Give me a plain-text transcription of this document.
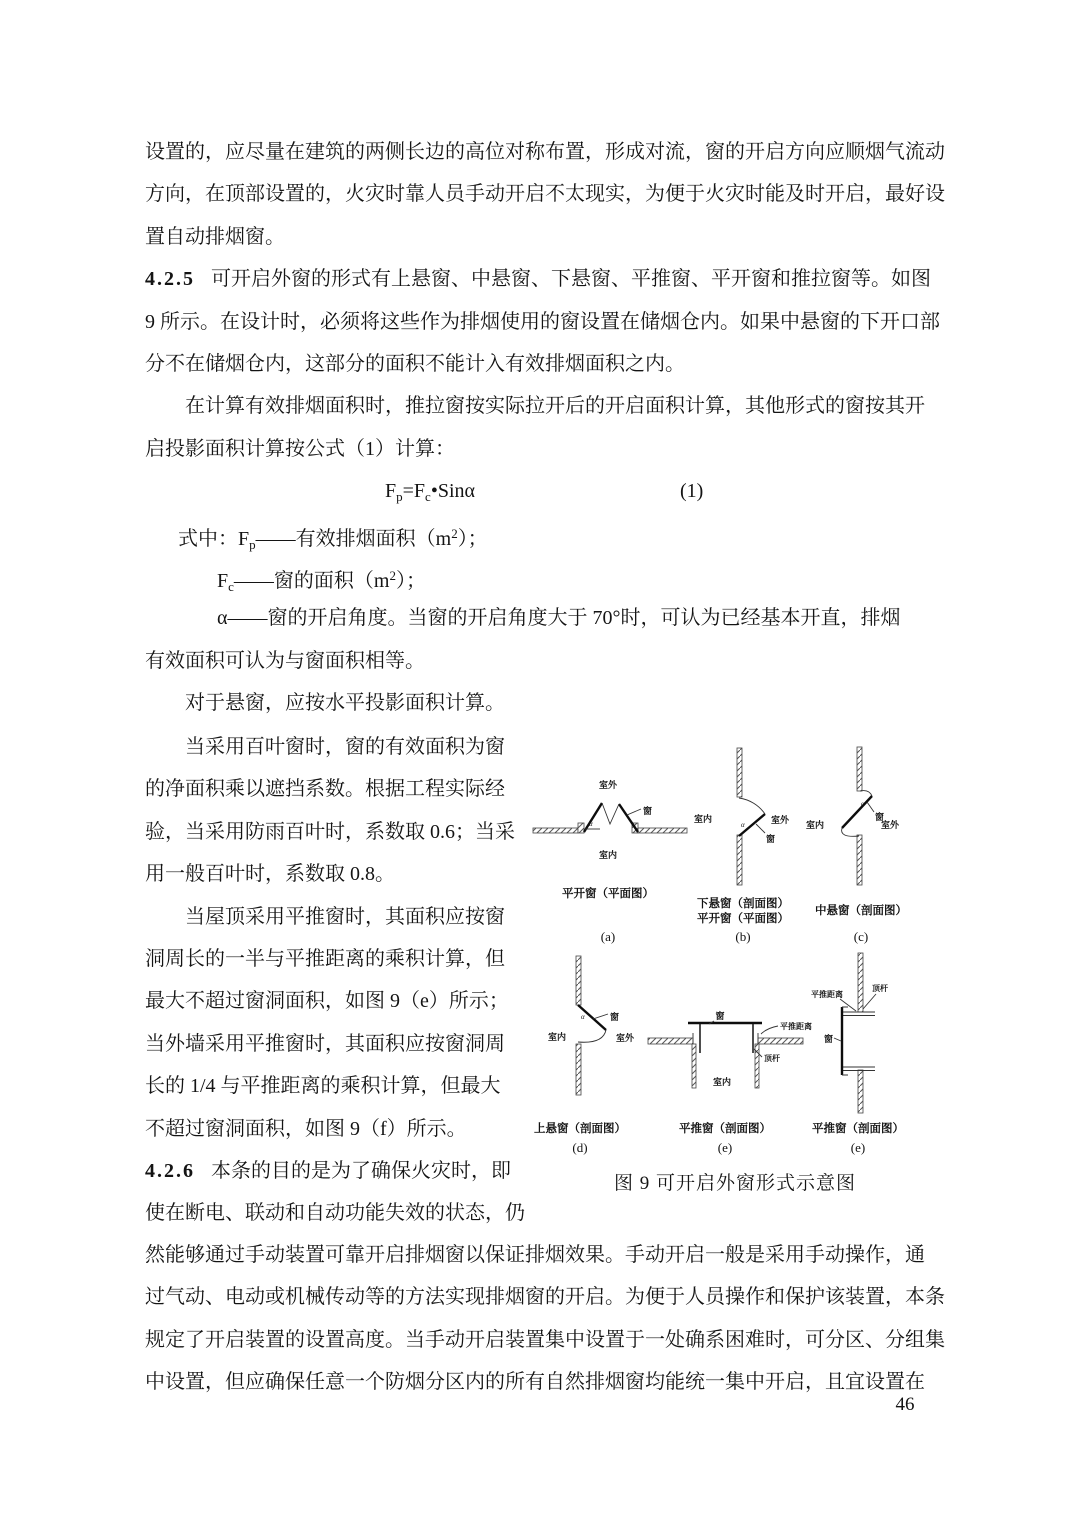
设置的，应尽量在建筑的两侧长边的高位对称布置，形成对流，窗的开启方向应顺烟气流动
方向，在顶部设置的，火灾时靠人员手动开启不太现实，为便于火灾时能及时开启，最好设
置自动排烟窗。
4.2.5 可开启外窗的形式有上悬窗、中悬窗、下悬窗、平推窗、平开窗和推拉窗等。如图
9 所示。在设计时，必须将这些作为排烟使用的窗设置在储烟仓内。如果中悬窗的下开口部
分不在储烟仓内，这部分的面积不能计入有效排烟面积之内。
在计算有效排烟面积时，推拉窗按实际拉开后的开启面积计算，其他形式的窗按其开
启投影面积计算按公式（1）计算：
$F_p=F_c•Sin\alpha$	(1)
式中：$F_p——$有效排烟面积$(m^2)$；
$F_c——$窗的面积$(m^2)$；
α——窗的开启角度。当窗的开启角度大于 70°时，可认为已经基本开直，排烟
有效面积可认为与窗面积相等。
对于悬窗，应按水平投影面积计算。
当采用百叶窗时，窗的有效面积为窗
的净面积乘以遮挡系数。根据工程实际经
验，当采用防雨百叶时，系数取 0.6；当采
用一般百叶时，系数取 0.8。
当屋顶采用平推窗时，其面积应按窗
洞周长的一半与平推距离的乘积计算，但
最大不超过窗洞面积，如图 9（e）所示；
当外墙采用平推窗时，其面积应按窗洞周
长的 1/4 与平推距离的乘积计算，但最大
不超过窗洞面积，如图 9（f）所示。
4.2.6 本条的目的是为了确保火灾时，即
使在断电、联动和自动功能失效的状态，仍
然能够通过手动装置可靠开启排烟窗以保证排烟效果。手动开启一般是采用手动操作，通
过气动、电动或机械传动等的方法实现排烟窗的开启。为便于人员操作和保护该装置，本条
规定了开启装置的设置高度。当手动开启装置集中设置于一处确系困难时，可分区、分组集
中设置，但应确保任意一个防烟分区内的所有自然排烟窗均能统一集中开启，且宜设置在
α
窗
室外
室内
平开窗（平面图）
(a)
α
窗
室内	室外
下悬窗（剖面图）
平开窗（平面图）
(b)
α
窗
室内	室外
中悬窗（剖面图）
(c)
α	窗
室内	室外
上悬窗（剖面图）
(d)
窗
平推距离
顶杆
室内
平推窗（剖面图）
(e)
平推距离
顶杆
窗
平推窗（剖面图）
(e)
图 9 可开启外窗形式示意图
46
